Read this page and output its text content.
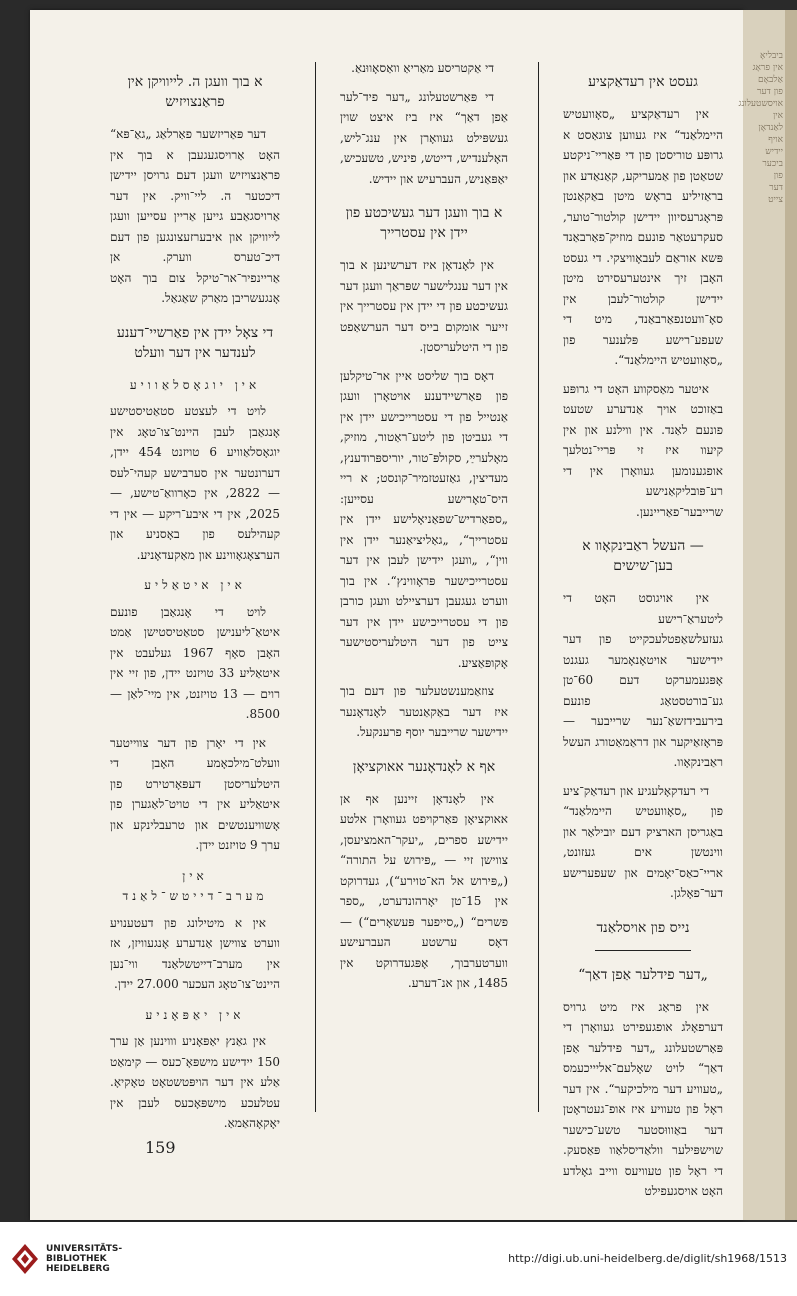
ביבליאָ
אין פראָג
אַלבאָם
פון דער
אויסשטעלונג
אין
לאַנדאָן
אויף
יידיש
ביכער
פון
דער
צייט
געסט אין רעדאַקציע

אין רעדאַקציע „סאָוועטיש היימלאַנד“ איז געווען צוגאַסט א גרופּע טוריסטן פון די פּאַריי־ניקטע שטאַטן פון אַמעריקע, קאַנאַדע און בראַזיליע בראָש מיטן באַקאַנטן פּראָגרעסיוון יידישן קולטור־טוער, סעקרעטאַר פונעם מוזיק־פאַרבאַנד פּשא אוראַם לעבאָוויצקי. די געסט האָבן זיך אינטערעסירט מיטן יידישן קולטור־לעבן אין סאָ־וועטנפאַרבאַנד, מיט די שעפע־רישע פּלענער פון „סאָוועטיש היימלאַנד“.

איטער מאַסקווע האָט די גרופּע באַזוכט אויך אַנדערע שטעט פונעם לאַנד. אין ווילנע און אין קיעוו איז זי פּריי־נטלעך אופגענומען געוואָרן אין די רע־פּובליקאַנישע שרייבער־פאַריינען.

— העשל ראַבינקאָוו א בען־שישים

אין אויגוסט האָט די ליטעראַ־רישע געזעלשאַפטלעכקייט פון דער יידישער אויטאָנאָמער געגנט אָפּגעמערקט דעם 60־טן גע־בורטסטאַג פונעם בירעבידזשאַ־נער שרייבער — פּראָזאַיקער און דראַמאַטורג העשל ראַבינקאָוו.

די רעדקאָלעגיע און רעדאַק־ציע פון „סאָוועטיש היימלאַנד“ באַגריסן הארציק דעם יובילאַר און ווינטשן אים געזונט, אריי־כאַס־יאָמים און שעפערישע דער־פאָלגן.

נייס פון אויסלאַנד
„דער פידלער אַפן דאַך“

אין פראַג איז מיט גרויס דערפאָלג אופגעפירט געוואָרן די פּאַרשטעלונג „דער פידלער אַפן דאַך“ לויט שאָלעם־אליייכעמס „טעוויע דער מילכיקער“. אין דער ראָל פון טעוויע איז אופ־געטראָטן דער באַוווּסטער טשע־כישער שוישפּילער וולאַדיסלאַוו פּאַסעק. די ראָל פון טעוויעס ווייב גאָלדע האָט אויסגעפילט

די אַקטריסע מאַריאַ וואַסאָווּנאַ.

די פּאַרשטעלונג „דער פיד־לער אַפן דאַך“ איז ביז איצט שוין געשפּילט געוואָרן אין ענג־ליש, האָלענדיש, דייטש, פיניש, טשעכיש, יאַפּאַניש, העברעיש און יידיש.

א בוך וועגן דער געשיכטע פון יידן אין עסטרייך

אין לאָנדאָן איז דערשינען א בוך אין דער ענגלישער שפּראַך וועגן דער געשיכטע פון די יידן אין עסטרייך אין זייער אומקום בייס דער הערשאַפט פון די היטלעריסטן.

דאָס בוך שליסט איין אר־טיקלען פון פאַרשיידענע אויטאָרן וועגן אַנטייל פון די עסטרייכישע יידן אין די געביטן פון ליטע־ראַטור, מוזיק, מאָלערײַ, סקולפּ־טור, יוריספּרודענץ, מעדיצין, גאַזעטזמיר־קונסט; א ריי היס־טאָרישע עסייען: „ספאַרדיש־שפאַניאָלישע יידן אין עסטרייך“, „גאַליציאַנער יידן אין ווין“, „וועגן יידישן לעבן אין דער עסטרייכישער פּראָווינץ“. אין בוך ווערט געגעבן דערציילט וועגן כורבן פון די עסטרייכישע יידן אין דער צייט פון דער היטלעריסטישער אָקופּאַציע.

צוזאַמענשטעלער פון דעם בוך איז דער באַקאַנטער לאָנדאָנער יידישער שרייבער יוסף פרענקעל.

אף א לאָנדאָנער אאוקציאָן

אין לאָנדאָן זיינען אף אן אאוקציאָן פאַרקויפט געוואָרן אלטע יידישע ספרים, „יעקר־האמציעסן, צווישן זיי — „פּירוש על התורה“ („פּירוש אל הא־טוירע“), געדרוקט אין 15־טן יאָרהונדערט, „ספר פשרים“ („סייפער פּעשאָרים“) — דאָס ערשטע העברעישע ווערטערבוך, אָפּגעדרוקט אין 1485, און אנ־דערע.

א בוך וועגן ה. לייוויקן אין פראַנצויזיש

דער פּאַריזשער פאַרלאַג „גאַ־פּא“ האָט אַרויסגעגעבן א בוך אין פראַנצויזיש וועגן דעם גרויסן יידישן דיכטער ה. ליי־וויק. אין דער אַרויסגאַבע גייען אַריין עסייען וועגן לייוויקן און איבערזעצונגען פון דעם דיכ־טערס ווערק. אן אַריינפיר־אר־טיקל צום בוך האָט אָנגעשריבן מאַרק שאַגאַל.

די צאָל יידן אין פאַרשיי־דענע לענדער אין דער וועלט
אין יוגאָסלאַוויע

לויט די לעצטע סטאַטיסטישע אָנגאַבן לעבן היינט־צו־טאָג אין יוגאָסלאַוויע 6 טויזנט 454 יידן, דערונטער אין סערבישע קעהי־לעס — 2822, אין כאָרוואַ־טישע, — 2025, אין די איבע־ריקע — אין די קעהילעס פון באָסניע און הערצאָגאָווינע און מאַקעדאָניע.

אין איטאַליע

לויט די אָנגאַבן פונעם איטאַ־ליענישן סטאַטיסטישן אַמט האָבן סאָף 1967 געלעבט אין איטאַליע 33 טויזנט יידן, פון זיי אין רוים — 13 טויזנט, אין מיי־לאַן — 8500.

אין די יאָרן פון דער צווייטער וועלט־מילכאָמע האָבן די היטלעריסטן דעפּאָרטירט פון איטאַליע אין די טויט־לאַגערן פון אָשוויענטשים און טרעבלינקע און ערך 9 טויזנט יידן.

אין מערב־דייטש־לאַנד

אין א מיטילונג פון דעטענויע ווערט צווישן אַנדערע אָנגעוויזן, אז אין מערב־דייטשלאַנד ווי־נען היינט־צו־טאָג העכער 27.000 יידן.

אין יאַפּאָניע

אין גאַנץ יאַפּאָניע וווינען אַן ערך 150 יידישע מישפּאָ־כעס — קימאַט אַלע אין דער הויפּטשטאָט טאָקיאָ. עטלעכע מישפּאָכעס לעבן אין יאָקאָהאַמאַ.

159
UNIVERSITÄTS-
BIBLIOTHEK
HEIDELBERG
http://digi.ub.uni-heidelberg.de/diglit/sh1968/1513
